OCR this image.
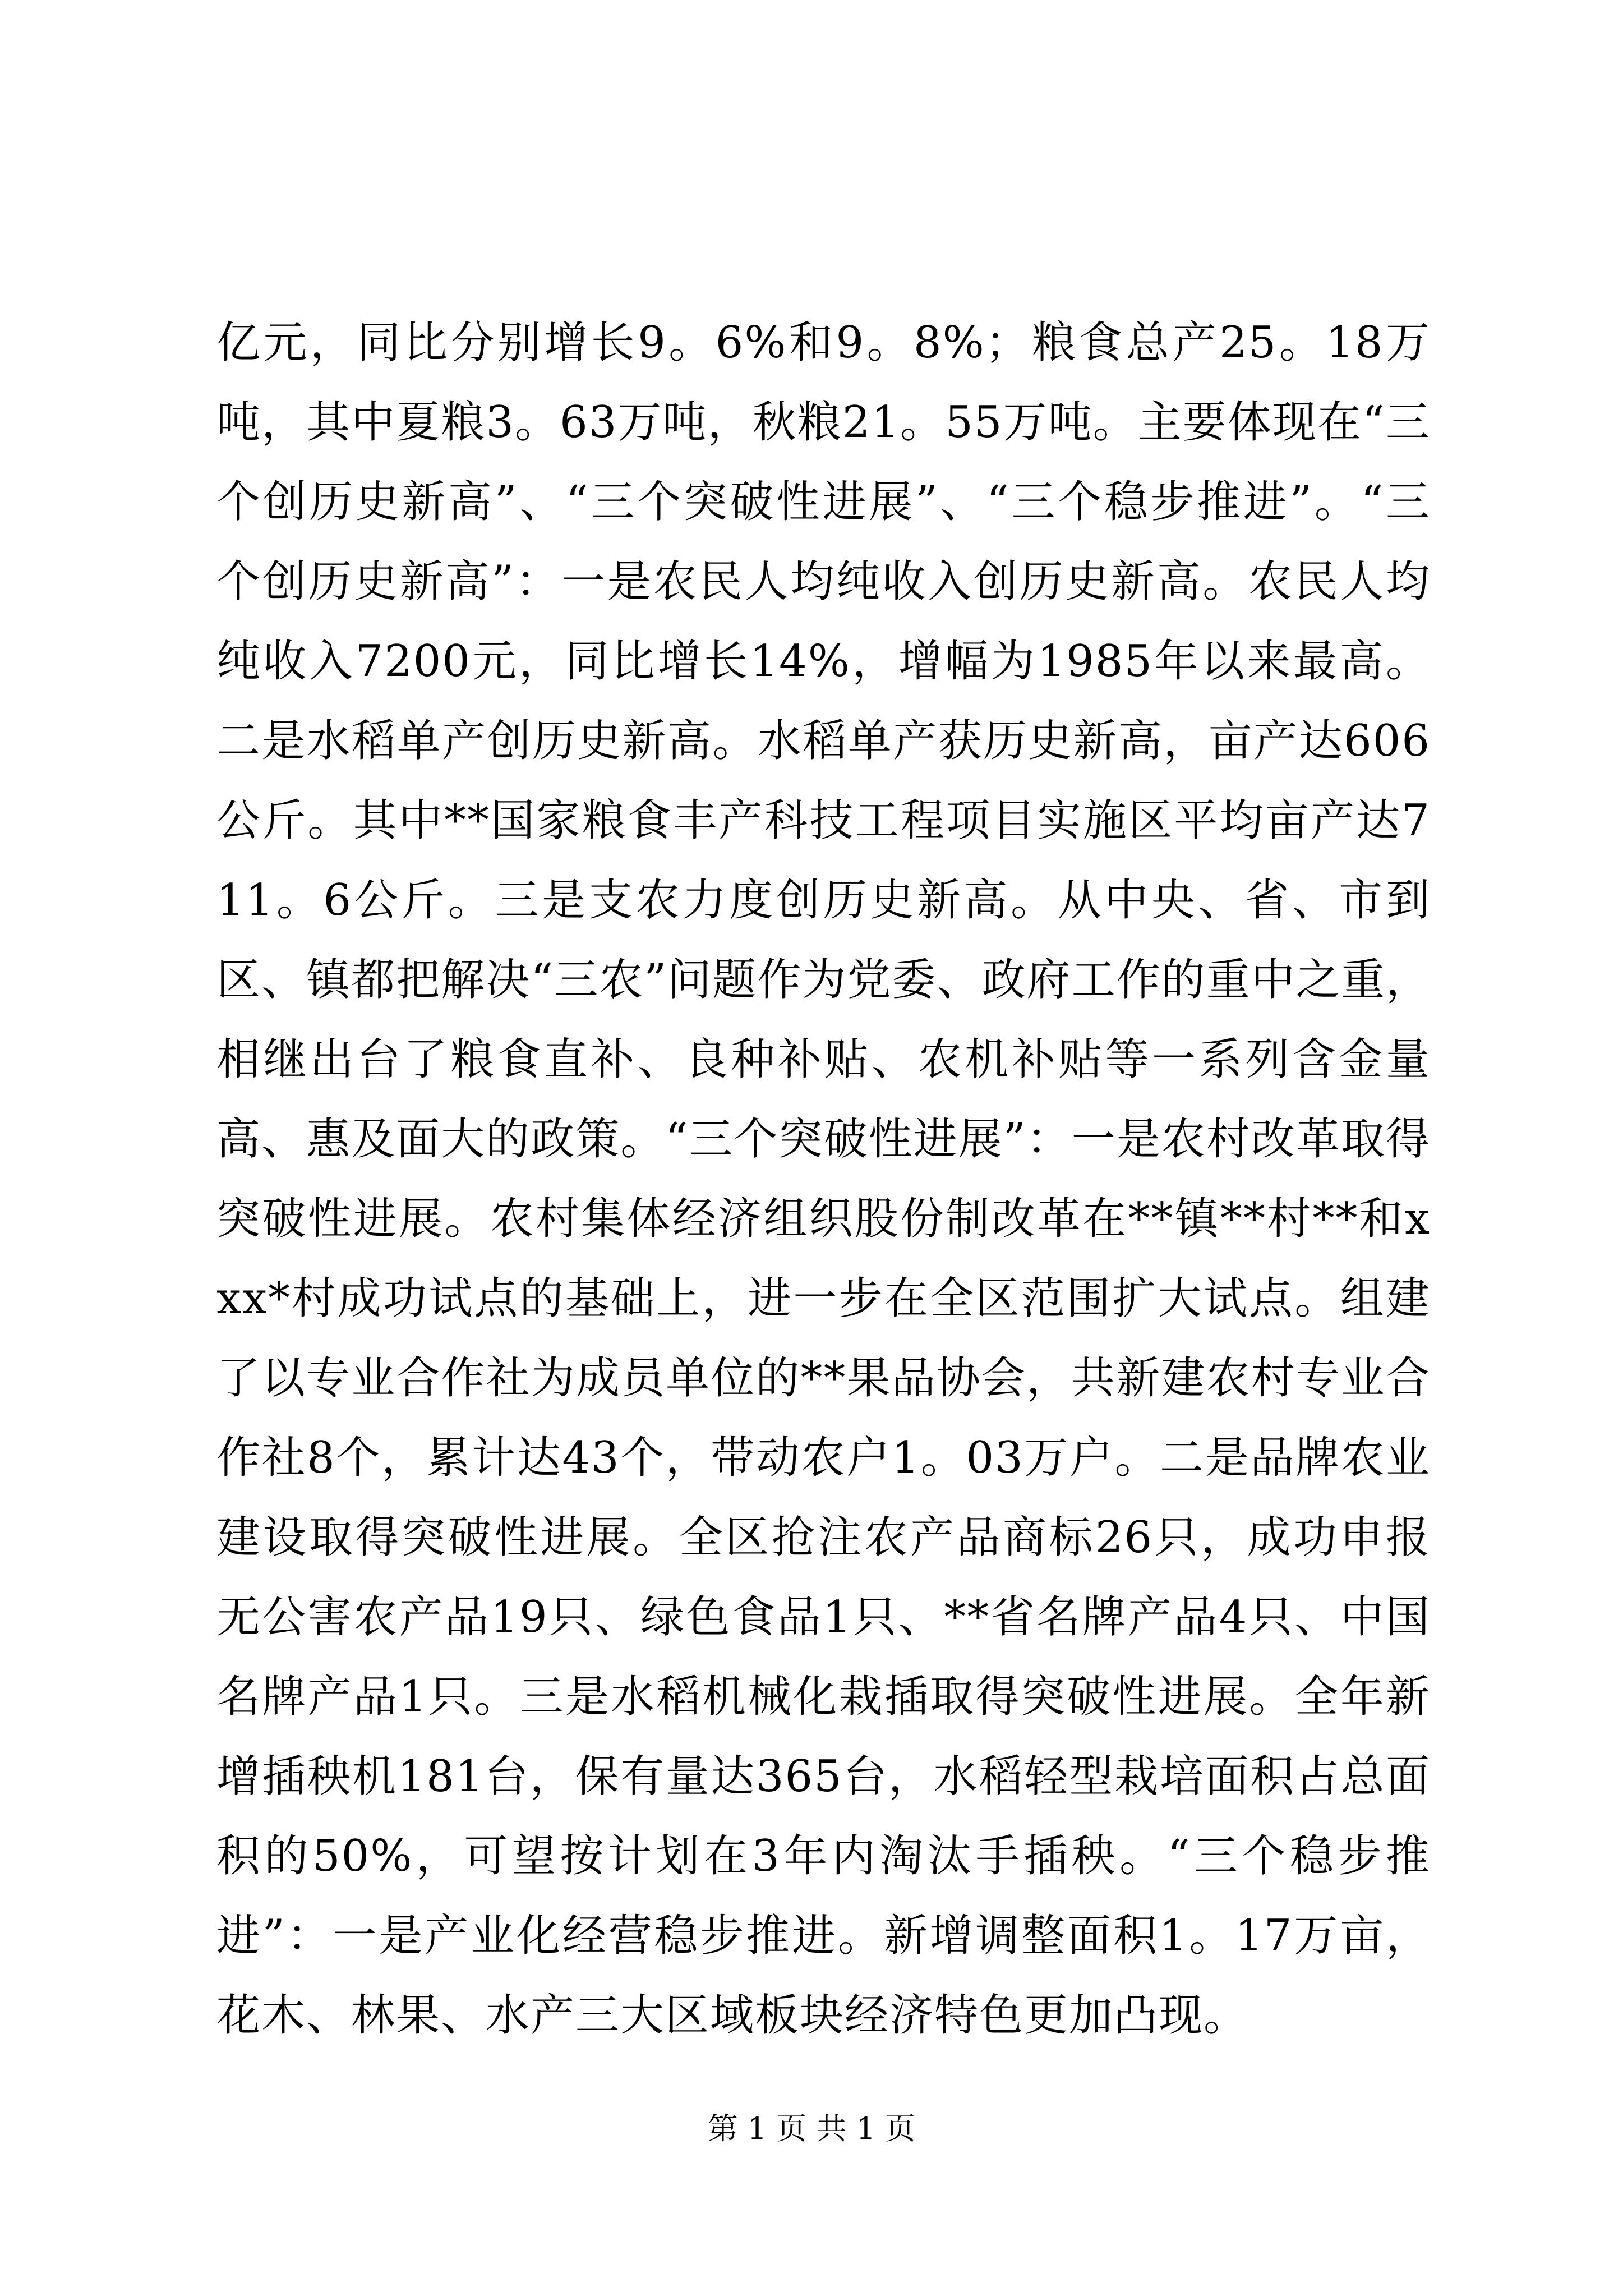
亿元，同比分别增长9。6%和9。8%；粮食总产25。18万吨，其中夏粮3。63万吨，秋粮21。55万吨。主要体现在“三个创历史新高”、“三个突破性进展”、“三个稳步推进”。“三个创历史新高”：一是农民人均纯收入创历史新高。农民人均纯收入7200元，同比增长14%，增幅为1985年以来最高。二是水稻单产创历史新高。水稻单产获历史新高，亩产达606公斤。其中**国家粮食丰产科技工程项目实施区平均亩产达711。6公斤。三是支农力度创历史新高。从中央、省、市到区、镇都把解决“三农”问题作为党委、政府工作的重中之重，相继出台了粮食直补、良种补贴、农机补贴等一系列含金量高、惠及面大的政策。“三个突破性进展”：一是农村改革取得突破性进展。农村集体经济组织股份制改革在**镇**村**和xxx*村成功试点的基础上，进一步在全区范围扩大试点。组建了以专业合作社为成员单位的**果品协会，共新建农村专业合作社8个，累计达43个，带动农户1。03万户。二是品牌农业建设取得突破性进展。全区抢注农产品商标26只，成功申报无公害农产品19只、绿色食品1只、**省名牌产品4只、中国名牌产品1只。三是水稻机械化栽插取得突破性进展。全年新增插秧机181台，保有量达365台，水稻轻型栽培面积占总面积的50%，可望按计划在3年内淘汰手插秧。“三个稳步推进”：一是产业化经营稳步推进。新增调整面积1。17万亩，花木、林果、水产三大区域板块经济特色更加凸现。

第 1 页 共 1 页
